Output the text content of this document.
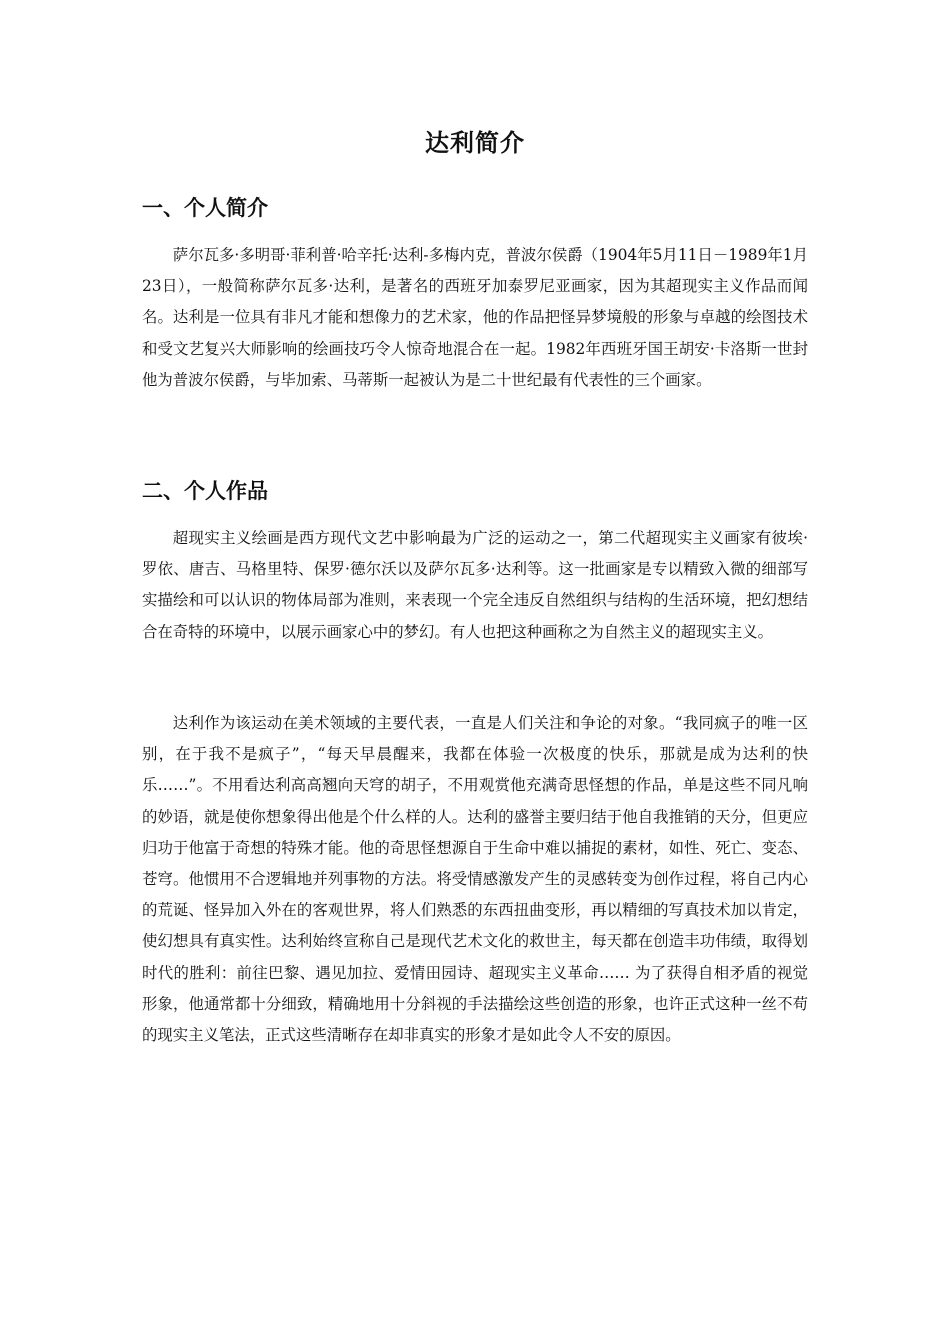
达利简介
一、个人简介

萨尔瓦多·多明哥·菲利普·哈辛托·达利-多梅内克，普波尔侯爵（1904年5月11日－1989年1月23日），一般简称萨尔瓦多·达利，是著名的西班牙加泰罗尼亚画家，因为其超现实主义作品而闻名。达利是一位具有非凡才能和想像力的艺术家，他的作品把怪异梦境般的形象与卓越的绘图技术和受文艺复兴大师影响的绘画技巧令人惊奇地混合在一起。1982年西班牙国王胡安·卡洛斯一世封他为普波尔侯爵，与毕加索、马蒂斯一起被认为是二十世纪最有代表性的三个画家。

二、个人作品

超现实主义绘画是西方现代文艺中影响最为广泛的运动之一，第二代超现实主义画家有彼埃·罗依、唐吉、马格里特、保罗·德尔沃以及萨尔瓦多·达利等。这一批画家是专以精致入微的细部写实描绘和可以认识的物体局部为准则，来表现一个完全违反自然组织与结构的生活环境，把幻想结合在奇特的环境中，以展示画家心中的梦幻。有人也把这种画称之为自然主义的超现实主义。

达利作为该运动在美术领域的主要代表，一直是人们关注和争论的对象。“我同疯子的唯一区别，在于我不是疯子”，“每天早晨醒来，我都在体验一次极度的快乐，那就是成为达利的快乐……”。不用看达利高高翘向天穹的胡子，不用观赏他充满奇思怪想的作品，单是这些不同凡响的妙语，就是使你想象得出他是个什么样的人。达利的盛誉主要归结于他自我推销的天分，但更应归功于他富于奇想的特殊才能。他的奇思怪想源自于生命中难以捕捉的素材，如性、死亡、变态、苍穹。他惯用不合逻辑地并列事物的方法。将受情感激发产生的灵感转变为创作过程，将自己内心的荒诞、怪异加入外在的客观世界，将人们熟悉的东西扭曲变形，再以精细的写真技术加以肯定，使幻想具有真实性。达利始终宣称自己是现代艺术文化的救世主，每天都在创造丰功伟绩，取得划时代的胜利：前往巴黎、遇见加拉、爱情田园诗、超现实主义革命…… 为了获得自相矛盾的视觉形象，他通常都十分细致，精确地用十分斜视的手法描绘这些创造的形象，也许正式这种一丝不苟的现实主义笔法，正式这些清晰存在却非真实的形象才是如此令人不安的原因。
